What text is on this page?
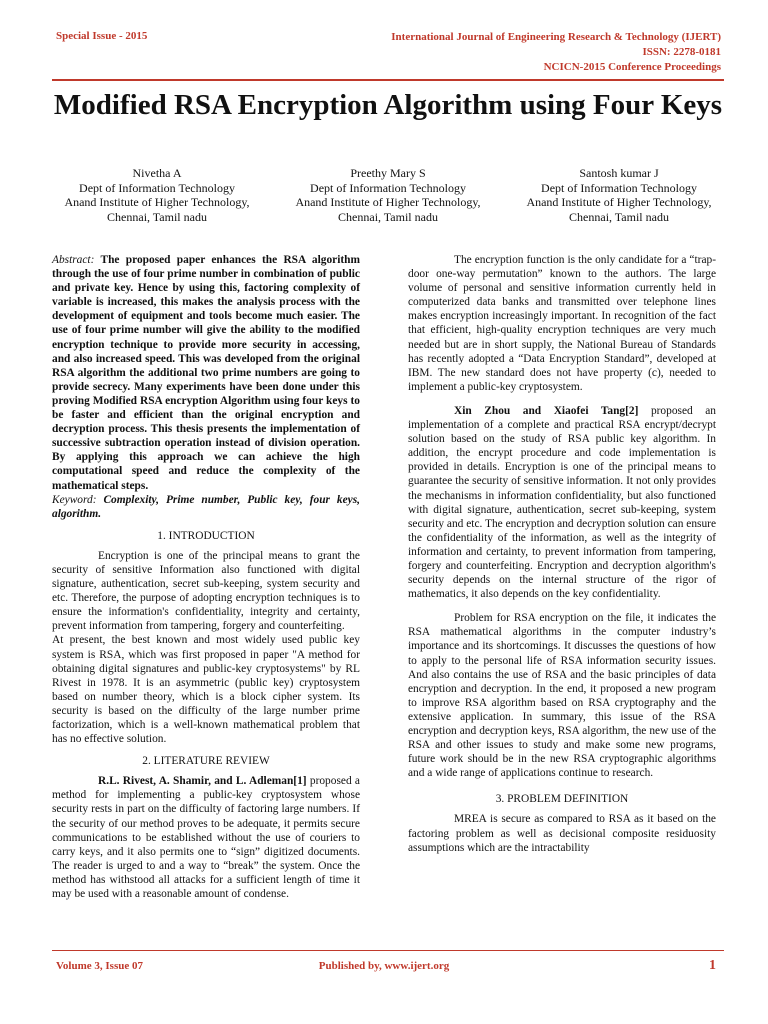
Special Issue - 2015	International Journal of Engineering Research & Technology (IJERT)
ISSN: 2278-0181
NCICN-2015 Conference Proceedings
Modified RSA Encryption Algorithm using Four Keys
Nivetha A
Dept of Information Technology
Anand Institute of Higher Technology,
Chennai, Tamil nadu
Preethy Mary S
Dept of Information Technology
Anand Institute of Higher Technology,
Chennai, Tamil nadu
Santosh kumar J
Dept of Information Technology
Anand Institute of Higher Technology,
Chennai, Tamil nadu

Abstract: The proposed paper enhances the RSA algorithm through the use of four prime number in combination of public and private key. Hence by using this, factoring complexity of variable is increased, this makes the analysis process with the development of equipment and tools become much easier. The use of four prime number will give the ability to the modified encryption technique to provide more security in accessing, and also increased speed. This was developed from the original RSA algorithm the additional two prime numbers are going to provide secrecy. Many experiments have been done under this proving Modified RSA encryption Algorithm using four keys to be faster and efficient than the original encryption and decryption process. This thesis presents the implementation of successive subtraction operation instead of division operation. By applying this approach we can achieve the high computational speed and reduce the complexity of the mathematical steps.

Keyword: Complexity, Prime number, Public key, four keys, algorithm.

1. INTRODUCTION

Encryption is one of the principal means to grant the security of sensitive Information also functioned with digital signature, authentication, secret sub-keeping, system security and etc. Therefore, the purpose of adopting encryption techniques is to ensure the information's confidentiality, integrity and certainty, prevent information from tampering, forgery and counterfeiting.

At present, the best known and most widely used public key system is RSA, which was first proposed in paper "A method for obtaining digital signatures and public-key cryptosystems" by RL Rivest in 1978. It is an asymmetric (public key) cryptosystem based on number theory, which is a block cipher system. Its security is based on the difficulty of the large number prime factorization, which is a well-known mathematical problem that has no effective solution.

2. LITERATURE REVIEW

R.L. Rivest, A. Shamir, and L. Adleman[1] proposed a method for implementing a public-key cryptosystem whose security rests in part on the difficulty of factoring large numbers. If the security of our method proves to be adequate, it permits secure communications to be established without the use of couriers to carry keys, and it also permits one to “sign” digitized documents. The reader is urged to and a way to “break” the system. Once the method has withstood all attacks for a sufficient length of time it may be used with a reasonable amount of condense.

The encryption function is the only candidate for a “trap-door one-way permutation” known to the authors. The large volume of personal and sensitive information currently held in computerized data banks and transmitted over telephone lines makes encryption increasingly important. In recognition of the fact that efficient, high-quality encryption techniques are very much needed but are in short supply, the National Bureau of Standards has recently adopted a “Data Encryption Standard”, developed at IBM. The new standard does not have property (c), needed to implement a public-key cryptosystem.

Xin Zhou and Xiaofei Tang[2] proposed an implementation of a complete and practical RSA encrypt/decrypt solution based on the study of RSA public key algorithm. In addition, the encrypt procedure and code implementation is provided in details. Encryption is one of the principal means to guarantee the security of sensitive information. It not only provides the mechanisms in information confidentiality, but also functioned with digital signature, authentication, secret sub-keeping, system security and etc. The encryption and decryption solution can ensure the confidentiality of the information, as well as the integrity of information and certainty, to prevent information from tampering, forgery and counterfeiting. Encryption and decryption algorithm's security depends on the internal structure of the rigor of mathematics, it also depends on the key confidentiality.

Problem for RSA encryption on the file, it indicates the RSA mathematical algorithms in the computer industry’s importance and its shortcomings. It discusses the questions of how to apply to the personal life of RSA information security issues. And also contains the use of RSA and the basic principles of data encryption and decryption. In the end, it proposed a new program to improve RSA algorithm based on RSA cryptography and the extensive application. In summary, this issue of the RSA encryption and decryption keys, RSA algorithm, the new use of the RSA and other issues to study and make some new programs, future work should be in the new RSA cryptographic algorithms and a wide range of applications continue to research.

3. PROBLEM DEFINITION

MREA is secure as compared to RSA as it based on the factoring problem as well as decisional composite residuosity assumptions which are the intractability

Volume 3, Issue 07	Published by, www.ijert.org	1
